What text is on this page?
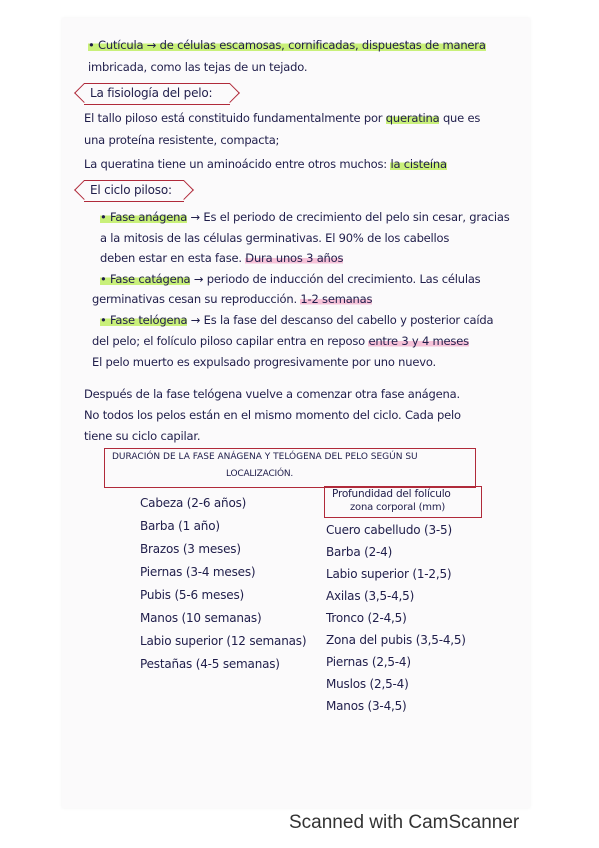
• Cutícula → de células escamosas, cornificadas, dispuestas de manera
imbricada, como las tejas de un tejado.
La fisiología del pelo:
El tallo piloso está constituido fundamentalmente por queratina que es
una proteína resistente, compacta;
La queratina tiene un aminoácido entre otros muchos: la cisteína
El ciclo piloso:
• Fase anágena → Es el periodo de crecimiento del pelo sin cesar, gracias
a la mitosis de las células germinativas. El 90% de los cabellos
deben estar en esta fase. Dura unos 3 años
• Fase catágena → periodo de inducción del crecimiento. Las células
germinativas cesan su reproducción. 1-2 semanas
• Fase telógena → Es la fase del descanso del cabello y posterior caída
del pelo; el folículo piloso capilar entra en reposo entre 3 y 4 meses
El pelo muerto es expulsado progresivamente por uno nuevo.
Después de la fase telógena vuelve a comenzar otra fase anágena.
No todos los pelos están en el mismo momento del ciclo. Cada pelo
tiene su ciclo capilar.
DURACIÓN DE LA FASE ANÁGENA Y TELÓGENA DEL PELO SEGÚN SU
LOCALIZACIÓN.
Cabeza (2-6 años)
Barba (1 año)
Brazos (3 meses)
Piernas (3-4 meses)
Pubis (5-6 meses)
Manos (10 semanas)
Labio superior (12 semanas)
Pestañas (4-5 semanas)
Profundidad del folículo
zona corporal (mm)
Cuero cabelludo (3-5)
Barba (2-4)
Labio superior (1-2,5)
Axilas (3,5-4,5)
Tronco (2-4,5)
Zona del pubis (3,5-4,5)
Piernas (2,5-4)
Muslos (2,5-4)
Manos (3-4,5)
Scanned with CamScanner
